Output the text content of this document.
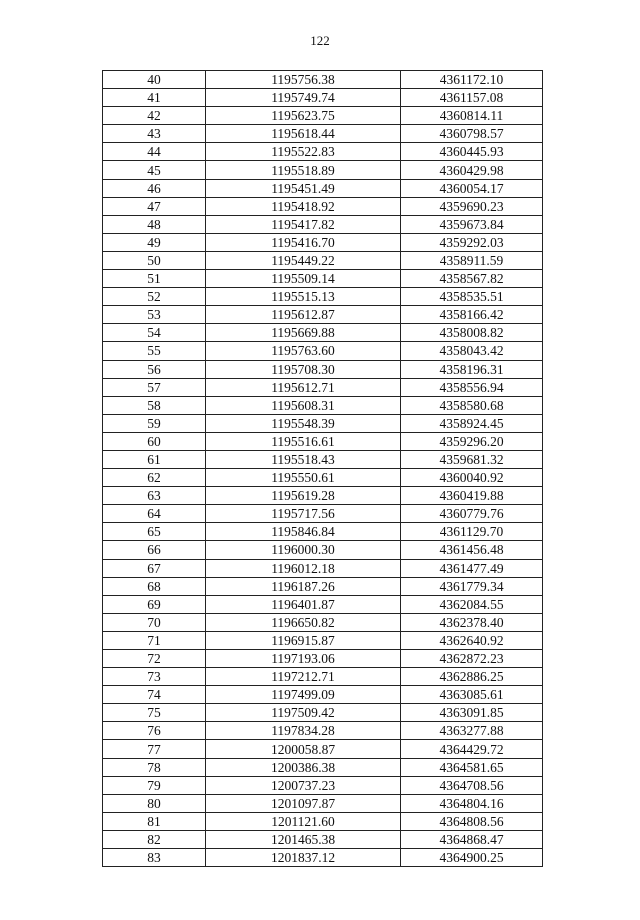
122
40	1195756.38	4361172.10
41	1195749.74	4361157.08
42	1195623.75	4360814.11
43	1195618.44	4360798.57
44	1195522.83	4360445.93
45	1195518.89	4360429.98
46	1195451.49	4360054.17
47	1195418.92	4359690.23
48	1195417.82	4359673.84
49	1195416.70	4359292.03
50	1195449.22	4358911.59
51	1195509.14	4358567.82
52	1195515.13	4358535.51
53	1195612.87	4358166.42
54	1195669.88	4358008.82
55	1195763.60	4358043.42
56	1195708.30	4358196.31
57	1195612.71	4358556.94
58	1195608.31	4358580.68
59	1195548.39	4358924.45
60	1195516.61	4359296.20
61	1195518.43	4359681.32
62	1195550.61	4360040.92
63	1195619.28	4360419.88
64	1195717.56	4360779.76
65	1195846.84	4361129.70
66	1196000.30	4361456.48
67	1196012.18	4361477.49
68	1196187.26	4361779.34
69	1196401.87	4362084.55
70	1196650.82	4362378.40
71	1196915.87	4362640.92
72	1197193.06	4362872.23
73	1197212.71	4362886.25
74	1197499.09	4363085.61
75	1197509.42	4363091.85
76	1197834.28	4363277.88
77	1200058.87	4364429.72
78	1200386.38	4364581.65
79	1200737.23	4364708.56
80	1201097.87	4364804.16
81	1201121.60	4364808.56
82	1201465.38	4364868.47
83	1201837.12	4364900.25
